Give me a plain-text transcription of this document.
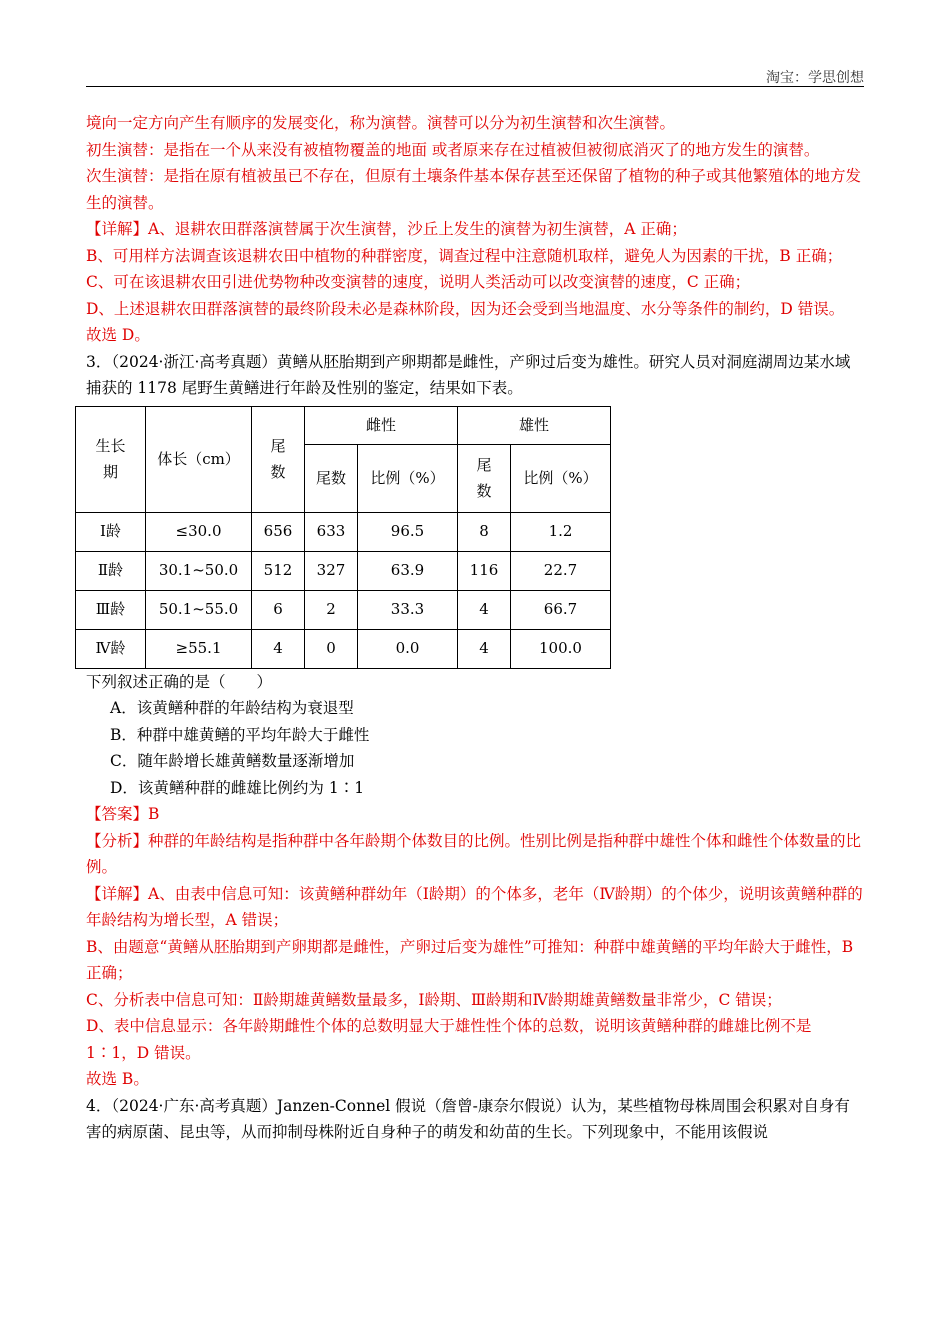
淘宝：学思创想

境向一定方向产生有顺序的发展变化，称为演替。演替可以分为初生演替和次生演替。

初生演替：是指在一个从来没有被植物覆盖的地面 或者原来存在过植被但被彻底消灭了的地方发生的演替。

次生演替：是指在原有植被虽已不存在，但原有土壤条件基本保存甚至还保留了植物的种子或其他繁殖体的地方发生的演替。

【详解】A、退耕农田群落演替属于次生演替，沙丘上发生的演替为初生演替，A 正确；

B、可用样方法调查该退耕农田中植物的种群密度，调查过程中注意随机取样，避免人为因素的干扰，B 正确；

C、可在该退耕农田引进优势物种改变演替的速度，说明人类活动可以改变演替的速度，C 正确；

D、上述退耕农田群落演替的最终阶段未必是森林阶段，因为还会受到当地温度、水分等条件的制约，D 错误。

故选 D。

3．（2024·浙江·高考真题）黄鳝从胚胎期到产卵期都是雌性，产卵过后变为雄性。研究人员对洞庭湖周边某水域捕获的 1178 尾野生黄鳝进行年龄及性别的鉴定，结果如下表。

生长期	体长（cm）	尾数	雌性		雄性	
			尾数	比例（%）	尾数	比例（%）
Ⅰ龄	≤30.0	656	633	96.5	8	1.2
Ⅱ龄	30.1~50.0	512	327	63.9	116	22.7
Ⅲ龄	50.1~55.0	6	2	33.3	4	66.7
Ⅳ龄	≥55.1	4	0	0.0	4	100.0

下列叙述正确的是（　　）

A．该黄鳝种群的年龄结构为衰退型

B．种群中雄黄鳝的平均年龄大于雌性

C．随年龄增长雄黄鳝数量逐渐增加

D．该黄鳝种群的雌雄比例约为 1∶1

【答案】B

【分析】种群的年龄结构是指种群中各年龄期个体数目的比例。性别比例是指种群中雄性个体和雌性个体数量的比例。

【详解】A、由表中信息可知：该黄鳝种群幼年（Ⅰ龄期）的个体多，老年（Ⅳ龄期）的个体少，说明该黄鳝种群的年龄结构为增长型，A 错误；

B、由题意“黄鳝从胚胎期到产卵期都是雌性，产卵过后变为雄性”可推知：种群中雄黄鳝的平均年龄大于雌性，B 正确；

C、分析表中信息可知：Ⅱ龄期雄黄鳝数量最多，Ⅰ龄期、Ⅲ龄期和Ⅳ龄期雄黄鳝数量非常少，C 错误；

D、表中信息显示：各年龄期雌性个体的总数明显大于雄性性个体的总数，说明该黄鳝种群的雌雄比例不是 1∶1，D 错误。

故选 B。

4．（2024·广东·高考真题）Janzen-Connel 假说（詹曾-康奈尔假说）认为，某些植物母株周围会积累对自身有害的病原菌、昆虫等，从而抑制母株附近自身种子的萌发和幼苗的生长。下列现象中，不能用该假说
